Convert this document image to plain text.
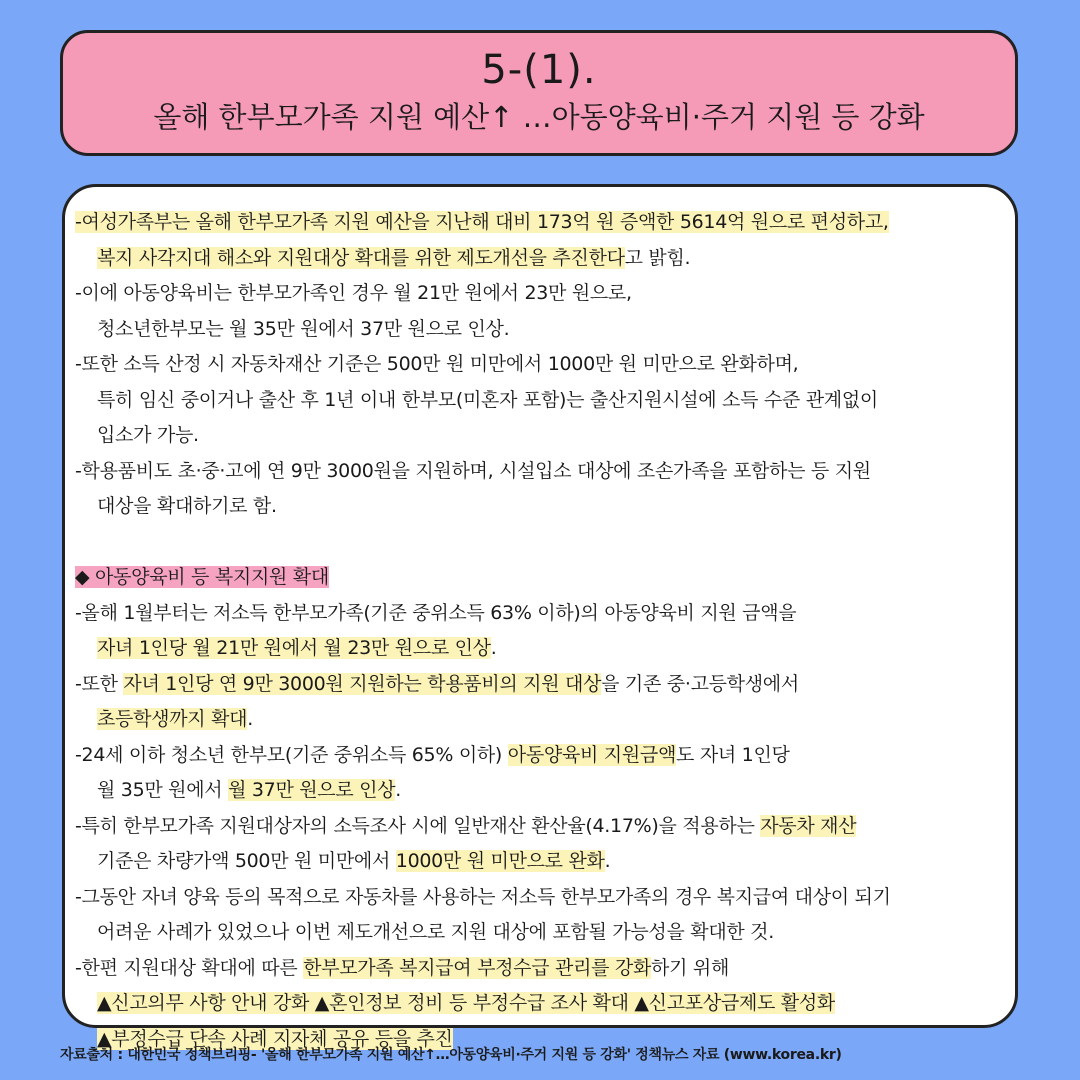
5-(1).
올해 한부모가족 지원 예산↑ …아동양육비·주거 지원 등 강화
-여성가족부는 올해 한부모가족 지원 예산을 지난해 대비 173억 원 증액한 5614억 원으로 편성하고,
복지 사각지대 해소와 지원대상 확대를 위한 제도개선을 추진한다고 밝힘.
-이에 아동양육비는 한부모가족인 경우 월 21만 원에서 23만 원으로,
청소년한부모는 월 35만 원에서 37만 원으로 인상.
-또한 소득 산정 시 자동차재산 기준은 500만 원 미만에서 1000만 원 미만으로 완화하며,
특히 임신 중이거나 출산 후 1년 이내 한부모(미혼자 포함)는 출산지원시설에 소득 수준 관계없이
입소가 가능.
-학용품비도 초·중·고에 연 9만 3000원을 지원하며, 시설입소 대상에 조손가족을 포함하는 등 지원
대상을 확대하기로 함.
◆ 아동양육비 등 복지지원 확대
-올해 1월부터는 저소득 한부모가족(기준 중위소득 63% 이하)의 아동양육비 지원 금액을
자녀 1인당 월 21만 원에서 월 23만 원으로 인상.
-또한 자녀 1인당 연 9만 3000원 지원하는 학용품비의 지원 대상을 기존 중·고등학생에서
초등학생까지 확대.
-24세 이하 청소년 한부모(기준 중위소득 65% 이하) 아동양육비 지원금액도 자녀 1인당
월 35만 원에서 월 37만 원으로 인상.
-특히 한부모가족 지원대상자의 소득조사 시에 일반재산 환산율(4.17%)을 적용하는 자동차 재산
기준은 차량가액 500만 원 미만에서 1000만 원 미만으로 완화.
-그동안 자녀 양육 등의 목적으로 자동차를 사용하는 저소득 한부모가족의 경우 복지급여 대상이 되기
어려운 사례가 있었으나 이번 제도개선으로 지원 대상에 포함될 가능성을 확대한 것.
-한편 지원대상 확대에 따른 한부모가족 복지급여 부정수급 관리를 강화하기 위해
▲신고의무 사항 안내 강화 ▲혼인정보 정비 등 부정수급 조사 확대 ▲신고포상금제도 활성화
▲부정수급 단속 사례 지자체 공유 등을 추진
자료출처 : 대한민국 정책브리핑- '올해 한부모가족 지원 예산↑…아동양육비·주거 지원 등 강화' 정책뉴스 자료 (www.korea.kr)
